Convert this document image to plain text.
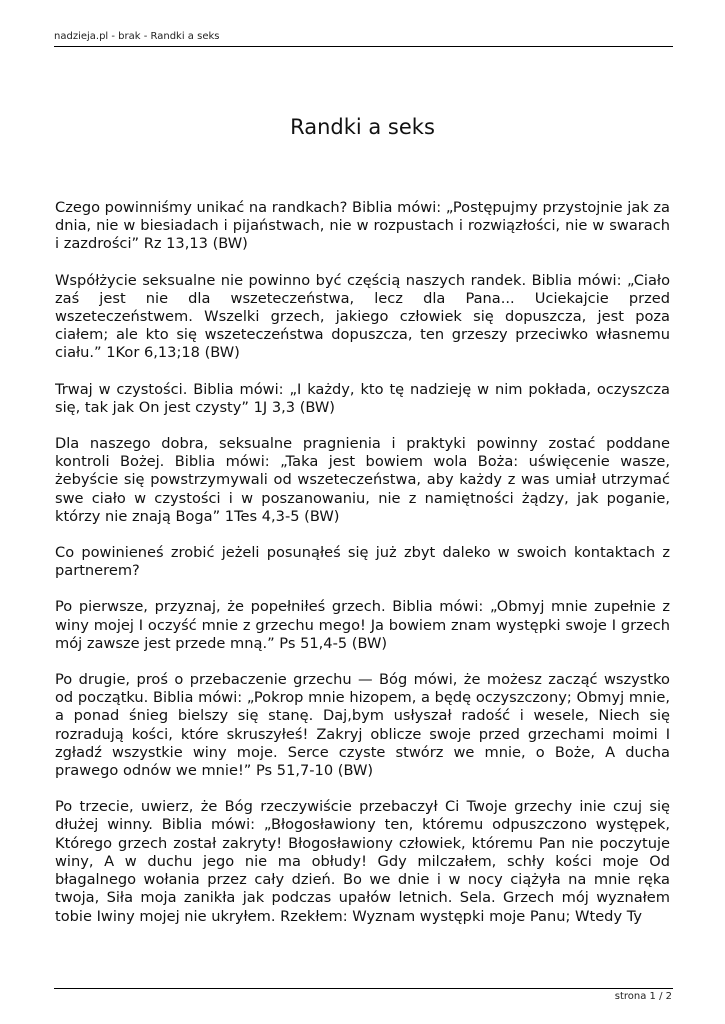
nadzieja.pl - brak - Randki a seks
Randki a seks

Czego powinniśmy unikać na randkach? Biblia mówi: „Postępujmy przystojnie jak za dnia, nie w biesiadach i pijaństwach, nie w rozpustach i rozwiązłości, nie w swarach i zazdrości” Rz 13,13 (BW)

Współżycie seksualne nie powinno być częścią naszych randek. Biblia mówi: „Ciało zaś jest nie dla wszeteczeństwa, lecz dla Pana... Uciekajcie przed wszeteczeństwem. Wszelki grzech, jakiego człowiek się dopuszcza, jest poza ciałem; ale kto się wszeteczeństwa dopuszcza, ten grzeszy przeciwko własnemu ciału.” 1Kor 6,13;18 (BW)

Trwaj w czystości. Biblia mówi: „I każdy, kto tę nadzieję w nim pokłada, oczyszcza się, tak jak On jest czysty” 1J 3,3 (BW)

Dla naszego dobra, seksualne pragnienia i praktyki powinny zostać poddane kontroli Bożej. Biblia mówi: „Taka jest bowiem wola Boża: uświęcenie wasze, żebyście się powstrzymywali od wszeteczeństwa, aby każdy z was umiał utrzymać swe ciało w czystości i w poszanowaniu, nie z namiętności żądzy, jak poganie, którzy nie znają Boga” 1Tes 4,3-5 (BW)

Co powinieneś zrobić jeżeli posunąłeś się już zbyt daleko w swoich kontaktach z partnerem?

Po pierwsze, przyznaj, że popełniłeś grzech. Biblia mówi: „Obmyj mnie zupełnie z winy mojej I oczyść mnie z grzechu mego! Ja bowiem znam występki swoje I grzech mój zawsze jest przede mną.” Ps 51,4-5 (BW)

Po drugie, proś o przebaczenie grzechu — Bóg mówi, że możesz zacząć wszystko od początku. Biblia mówi: „Pokrop mnie hizopem, a będę oczyszczony; Obmyj mnie, a ponad śnieg bielszy się stanę. Daj,bym usłyszał radość i wesele, Niech się rozradują kości, które skruszyłeś! Zakryj oblicze swoje przed grzechami moimi I zgładź wszystkie winy moje. Serce czyste stwórz we mnie, o Boże, A ducha prawego odnów we mnie!” Ps 51,7-10 (BW)

Po trzecie, uwierz, że Bóg rzeczywiście przebaczył Ci Twoje grzechy inie czuj się dłużej winny. Biblia mówi: „Błogosławiony ten, któremu odpuszczono występek, Którego grzech został zakryty! Błogosławiony człowiek, któremu Pan nie poczytuje winy, A w duchu jego nie ma obłudy! Gdy milczałem, schły kości moje Od błagalnego wołania przez cały dzień. Bo we dnie i w nocy ciążyła na mnie ręka twoja, Siła moja zanikła jak podczas upałów letnich. Sela. Grzech mój wyznałem tobie Iwiny mojej nie ukryłem. Rzekłem: Wyznam występki moje Panu; Wtedy Ty

strona 1 / 2
